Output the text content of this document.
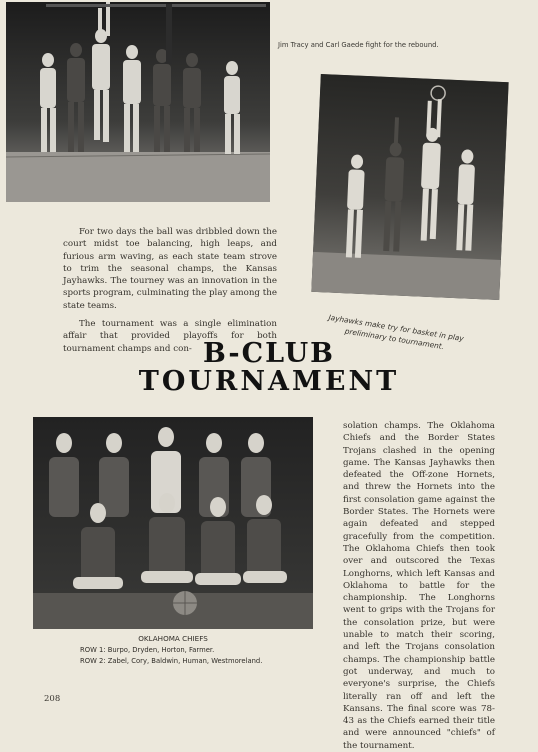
Jim Tracy and Carl Gaede fight for the rebound.

For two days the ball was dribbled down the court midst toe balancing, high leaps, and furious arm waving, as each state team strove to trim the seasonal champs, the Kansas Jayhawks. The tourney was an innovation in the sports program, culminating the play among the state teams.

The tournament was a single elimination affair that provided playoffs for both tournament champs and con-

Jayhawks make try for basket in play preliminary to tournament.
B-CLUB
TOURNAMENT

solation champs. The Oklahoma Chiefs and the Border States Trojans clashed in the opening game. The Kansas Jayhawks then defeated the Off-zone Hornets, and threw the Hornets into the first consolation game against the Border States. The Hornets were again defeated and stepped gracefully from the competition. The Oklahoma Chiefs then took over and outscored the Texas Longhorns, which left Kansas and Oklahoma to battle for the championship. The Longhorns went to grips with the Trojans for the consolation prize, but were unable to match their scoring, and left the Trojans consolation champs. The championship battle got underway, and much to everyone's surprise, the Chiefs literally ran off and left the Kansans. The final score was 78-43 as the Chiefs earned their title and were announced "chiefs" of the tournament.

OKLAHOMA CHIEFS
ROW 1: Burpo, Dryden, Horton, Farmer.
ROW 2: Zabel, Cory, Baldwin, Human, Westmoreland.
208
